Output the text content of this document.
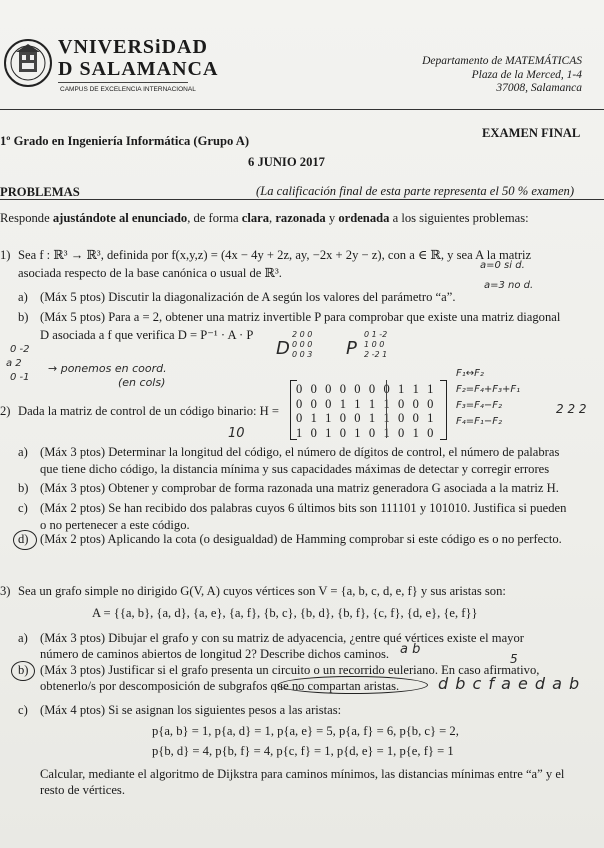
VNIVERSiDAD
D SALAMANCA
CAMPUS DE EXCELENCIA INTERNACIONAL
Departamento de MATEMÁTICAS
Plaza de la Merced, 1-4
37008, Salamanca
1º Grado en Ingeniería Informática (Grupo A)
EXAMEN FINAL
6 JUNIO 2017
PROBLEMAS	(La calificación final de esta parte representa el 50 % examen)
Responde ajustándote al enunciado, de forma clara, razonada y ordenada a los siguientes problemas:
1) Sea f : ℝ³ → ℝ³, definida por f(x,y,z) = (4x − 4y + 2z, ay, −2x + 2y − z), con a ∈ ℝ, y sea A la matriz
asociada respecto de la base canónica o usual de ℝ³.
a) (Máx 5 ptos) Discutir la diagonalización de A según los valores del parámetro “a”.
b) (Máx 5 ptos) Para a = 2, obtener una matriz invertible P para comprobar que existe una matriz diagonal
D asociada a f que verifica D = P⁻¹ · A · P
a=0 si d.
a=3 no d.
0 -2
a 2
0 -1
→ ponemos en coord.
(en cols)
D
2 0 0
0 0 0
0 0 3 P
0 1 -2
1 0 0
2 -2 1
2) Dada la matriz de control de un código binario: H =
0 0 0 0 0 0 0 1 1 1
0 0 0 1 1 1 1 0 0 0
0 1 1 0 0 1 1 0 0 1
1 0 1 0 1 0 1 0 1 0
F₁↔F₂
F₂=F₄+F₃+F₁
F₃=F₄−F₂
F₄=F₁−F₂
2 2 2
10
a) (Máx 3 ptos) Determinar la longitud del código, el número de dígitos de control, el número de palabras
que tiene dicho código, la distancia mínima y sus capacidades máximas de detectar y corregir errores
b) (Máx 3 ptos) Obtener y comprobar de forma razonada una matriz generadora G asociada a la matriz H.
c) (Máx 2 ptos) Se han recibido dos palabras cuyos 6 últimos bits son 111101 y 101010. Justifica si pueden
o no pertenecer a este código.
d) (Máx 2 ptos) Aplicando la cota (o desigualdad) de Hamming comprobar si este código es o no perfecto.
3) Sea un grafo simple no dirigido G(V, A) cuyos vértices son V = {a, b, c, d, e, f} y sus aristas son:
A = {{a, b}, {a, d}, {a, e}, {a, f}, {b, c}, {b, d}, {b, f}, {c, f}, {d, e}, {e, f}}
a) (Máx 3 ptos) Dibujar el grafo y con su matriz de adyacencia, ¿entre qué vértices existe el mayor
número de caminos abiertos de longitud 2? Describe dichos caminos. a b
5
b) (Máx 3 ptos) Justificar si el grafo presenta un circuito o un recorrido euleriano. En caso afirmativo,
obtenerlo/s por descomposición de subgrafos que no compartan aristas. d b c f a e d a b
c) (Máx 4 ptos) Si se asignan los siguientes pesos a las aristas:
p{a, b} = 1, p{a, d} = 1, p{a, e} = 5, p{a, f} = 6, p{b, c} = 2,
p{b, d} = 4, p{b, f} = 4, p{c, f} = 1, p{d, e} = 1, p{e, f} = 1
Calcular, mediante el algoritmo de Dijkstra para caminos mínimos, las distancias mínimas entre “a” y el
resto de vértices.
